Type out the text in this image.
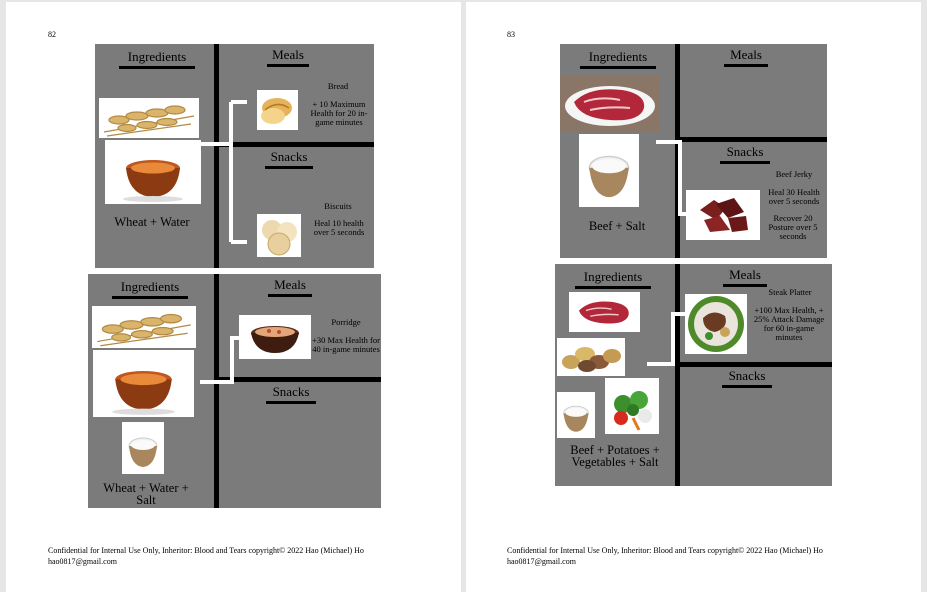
82
Ingredients	Meals
Snacks
Wheat + Water
Bread
+ 10 Maximum Health for 20 in-game minutes
Biscuits
Heal 10 health over 5 seconds
Ingredients	Meals
Snacks
Wheat + Water + Salt
Porridge
+30 Max Health for 40 in-game minutes
Confidential for Internal Use Only, Inheritor: Blood and Tears copyright© 2022 Hao (Michael) Ho
hao0817@gmail.com
83
Ingredients	Meals
Snacks
Beef + Salt
Beef Jerky
Heal 30 Health over 5 seconds
Recover 20 Posture over 5 seconds
Ingredients	Meals
Snacks
Beef + Potatoes + Vegetables + Salt
Steak Platter
+100 Max Health, + 25% Attack Damage for 60 in-game minutes
Confidential for Internal Use Only, Inheritor: Blood and Tears copyright© 2022 Hao (Michael) Ho
hao0817@gmail.com
